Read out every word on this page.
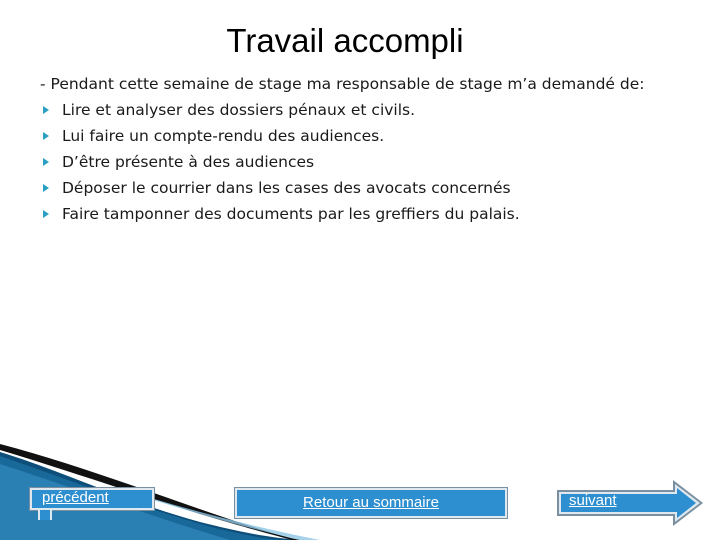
Travail accompli
- Pendant cette semaine de stage ma responsable de stage m’a demandé de:
Lire et analyser des dossiers pénaux et civils.
Lui faire un compte-rendu des audiences.
D’être présente à des audiences
Déposer le courrier dans les cases des avocats concernés
Faire tamponner des documents par les greffiers du palais.
précédent	Retour au sommaire	suivant
